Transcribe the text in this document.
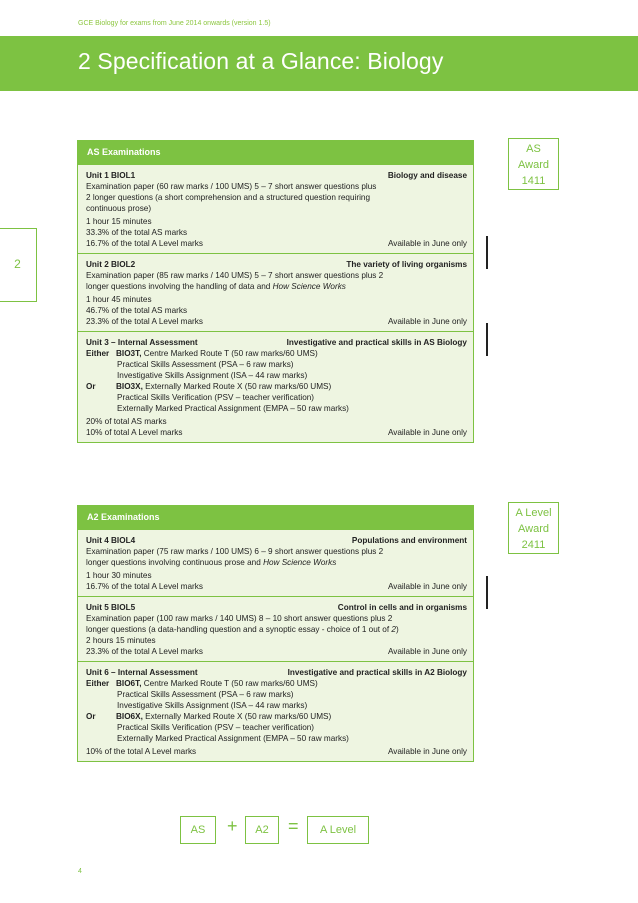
GCE Biology for exams from June 2014 onwards (version 1.5)
2 Specification at a Glance: Biology
2
AS
Award
1411
AS Examinations
Unit 1 BIOL1	Biology and disease
Examination paper (60 raw marks / 100 UMS) 5 – 7 short answer questions plus
2 longer questions (a short comprehension and a structured question requiring
continuous prose)
1 hour 15 minutes
33.3% of the total AS marks
16.7% of the total A Level marks	Available in June only
Unit 2 BIOL2	The variety of living organisms
Examination paper (85 raw marks / 140 UMS) 5 – 7 short answer questions plus 2
longer questions involving the handling of data and How Science Works
1 hour 45 minutes
46.7% of the total AS marks
23.3% of the total A Level marks	Available in June only
Unit 3 – Internal Assessment	Investigative and practical skills in AS Biology
Either BIO3T, Centre Marked Route T (50 raw marks/60 UMS)
Practical Skills Assessment (PSA – 6 raw marks)
Investigative Skills Assignment (ISA – 44 raw marks)
Or BIO3X, Externally Marked Route X (50 raw marks/60 UMS)
Practical Skills Verification (PSV – teacher verification)
Externally Marked Practical Assignment (EMPA – 50 raw marks)
20% of total AS marks
10% of total A Level marks	Available in June only
A Level
Award
2411
A2 Examinations
Unit 4 BIOL4	Populations and environment
Examination paper (75 raw marks / 100 UMS) 6 – 9 short answer questions plus 2
longer questions involving continuous prose and How Science Works
1 hour 30 minutes
16.7% of the total A Level marks	Available in June only
Unit 5 BIOL5	Control in cells and in organisms
Examination paper (100 raw marks / 140 UMS) 8 – 10 short answer questions plus 2
longer questions (a data-handling question and a synoptic essay - choice of 1 out of 2)
2 hours 15 minutes
23.3% of the total A Level marks	Available in June only
Unit 6 – Internal Assessment	Investigative and practical skills in A2 Biology
Either BIO6T, Centre Marked Route T (50 raw marks/60 UMS)
Practical Skills Assessment (PSA – 6 raw marks)
Investigative Skills Assignment (ISA – 44 raw marks)
Or BIO6X, Externally Marked Route X (50 raw marks/60 UMS)
Practical Skills Verification (PSV – teacher verification)
Externally Marked Practical Assignment (EMPA – 50 raw marks)
10% of the total A Level marks	Available in June only
AS	+	A2	=	A Level
4
